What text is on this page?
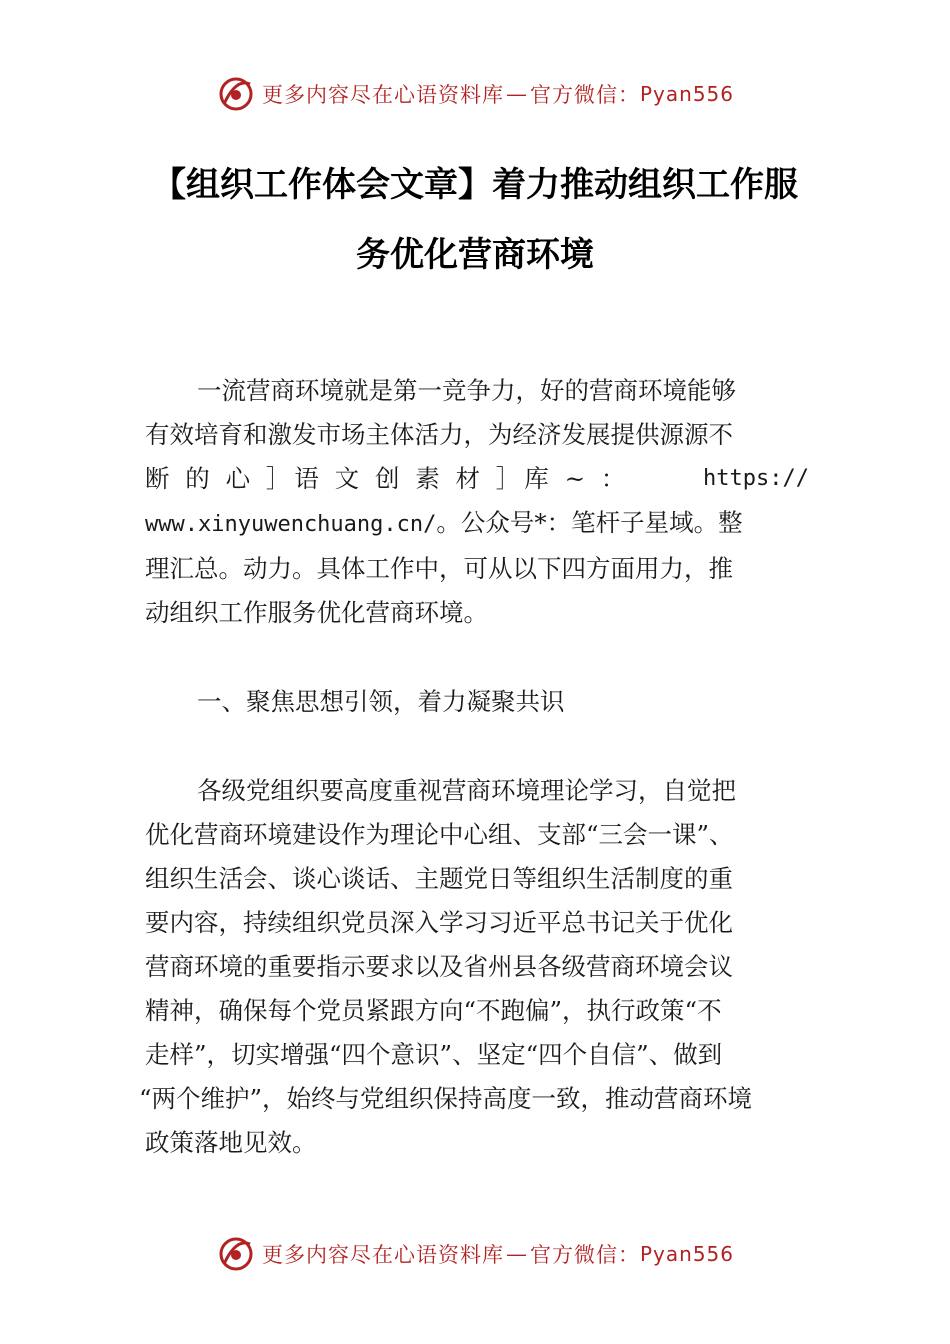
更多内容尽在心语资料库 — 官方微信： Pyan556
【组织工作体会文章】着力推动组织工作服
务优化营商环境
一流营商环境就是第一竞争力，好的营商环境能够
有效培育和激发市场主体活力，为经济发展提供源源不
断 的 心 ］语 文 创 素 材 ］库 ~ ：	https://
www.xinyuwenchuang.cn/。公众号*：笔杆子星域。整
理汇总。动力。具体工作中，可从以下四方面用力，推
动组织工作服务优化营商环境。
一、聚焦思想引领，着力凝聚共识
各级党组织要高度重视营商环境理论学习，自觉把
优化营商环境建设作为理论中心组、支部“三会一课”、
组织生活会、谈心谈话、主题党日等组织生活制度的重
要内容，持续组织党员深入学习习近平总书记关于优化
营商环境的重要指示要求以及省州县各级营商环境会议
精神，确保每个党员紧跟方向“不跑偏”，执行政策“不
走样”，切实增强“四个意识”、坚定“四个自信”、做到
“两个维护”，始终与党组织保持高度一致，推动营商环境
政策落地见效。
更多内容尽在心语资料库 — 官方微信： Pyan556
